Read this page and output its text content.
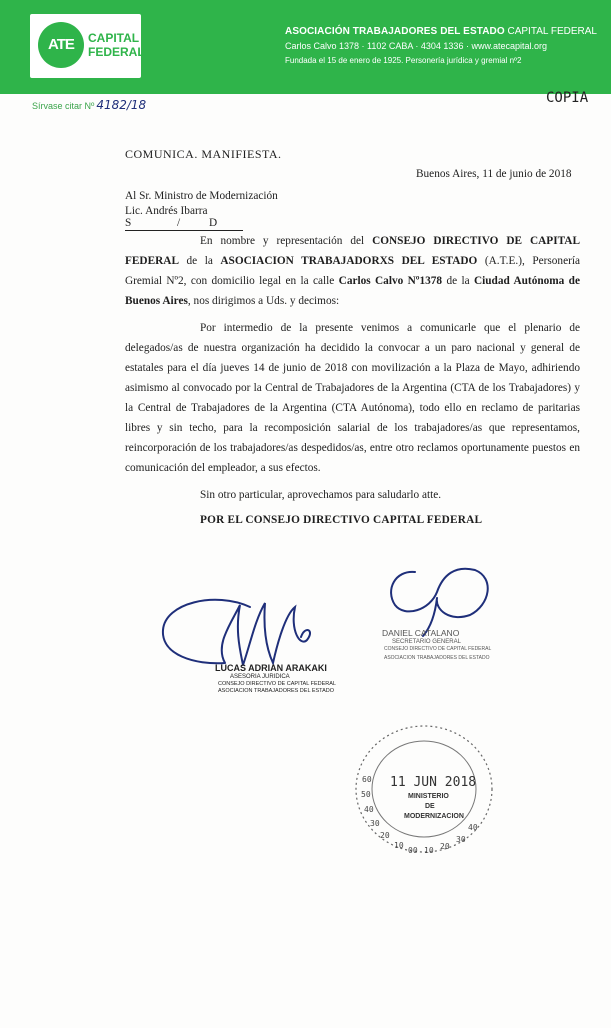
ATE	CAPITAL
FEDERAL
ASOCIACIÓN TRABAJADORES DEL ESTADO CAPITAL FEDERAL
Carlos Calvo 1378 · 1102 CABA · 4304 1336 · www.atecapital.org
Fundada el 15 de enero de 1925. Personería jurídica y gremial nº2
Sírvase citar Nº 4182/18	COPIA
COMUNICA. MANIFIESTA.
Buenos Aires, 11 de junio de 2018
Al Sr. Ministro de Modernización
Lic. Andrés Ibarra
S	/	D
En nombre y representación del CONSEJO DIRECTIVO DE CAPITAL FEDERAL de la ASOCIACION TRABAJADORXS DEL ESTADO (A.T.E.), Personería Gremial Nº2, con domicilio legal en la calle Carlos Calvo Nº1378 de la Ciudad Autónoma de Buenos Aires, nos dirigimos a Uds. y decimos:
Por intermedio de la presente venimos a comunicarle que el plenario de delegados/as de nuestra organización ha decidido la convocar a un paro nacional y general de estatales para el día jueves 14 de junio de 2018 con movilización a la Plaza de Mayo, adhiriendo asimismo al convocado por la Central de Trabajadores de la Argentina (CTA de los Trabajadores) y la Central de Trabajadores de la Argentina (CTA Autónoma), todo ello en reclamo de paritarias libres y sin techo, para la recomposición salarial de los trabajadores/as que representamos, reincorporación de los trabajadores/as despedidos/as, entre otro reclamos oportunamente puestos en comunicación del empleador, a sus efectos.
Sin otro particular, aprovechamos para saludarlo atte.
POR EL CONSEJO DIRECTIVO CAPITAL FEDERAL
LUCAS ADRIAN ARAKAKI
ASESORIA JURIDICA
CONSEJO DIRECTIVO DE CAPITAL FEDERAL
ASOCIACION TRABAJADORES DEL ESTADO
DANIEL CATALANO
SECRETARIO GENERAL
CONSEJO DIRECTIVO DE CAPITAL FEDERAL
ASOCIACION TRABAJADORES DEL ESTADO
60
50
40
30
20
10
00 10 20
30
40
11 JUN 2018
MINISTERIO
DE
MODERNIZACION
